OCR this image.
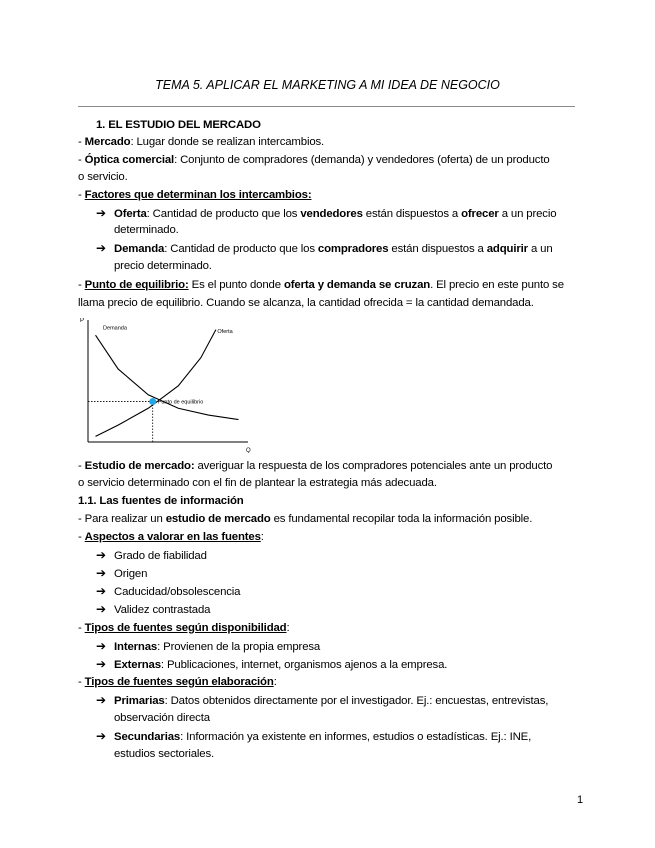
TEMA 5. APLICAR EL MARKETING A MI IDEA DE NEGOCIO
1. EL ESTUDIO DEL MERCADO
- Mercado: Lugar donde se realizan intercambios.
- Óptica comercial: Conjunto de compradores (demanda) y vendedores (oferta) de un producto
o servicio.
- Factores que determinan los intercambios:
➔ Oferta: Cantidad de producto que los vendedores están dispuestos a ofrecer a un precio
determinado.
➔ Demanda: Cantidad de producto que los compradores están dispuestos a adquirir a un
precio determinado.
- Punto de equilibrio: Es el punto donde oferta y demanda se cruzan. El precio en este punto se
llama precio de equilibrio. Cuando se alcanza, la cantidad ofrecida = la cantidad demandada.
P
Q
Demanda
Oferta
Punto de equilibrio
- Estudio de mercado: averiguar la respuesta de los compradores potenciales ante un producto
o servicio determinado con el fin de plantear la estrategia más adecuada.
1.1. Las fuentes de información
- Para realizar un estudio de mercado es fundamental recopilar toda la información posible.
- Aspectos a valorar en las fuentes:
➔ Grado de fiabilidad
➔ Origen
➔ Caducidad/obsolescencia
➔ Validez contrastada
- Tipos de fuentes según disponibilidad:
➔ Internas: Provienen de la propia empresa
➔ Externas: Publicaciones, internet, organismos ajenos a la empresa.
- Tipos de fuentes según elaboración:
➔ Primarias: Datos obtenidos directamente por el investigador. Ej.: encuestas, entrevistas,
observación directa
➔ Secundarias: Información ya existente en informes, estudios o estadísticas. Ej.: INE,
estudios sectoriales.
1
